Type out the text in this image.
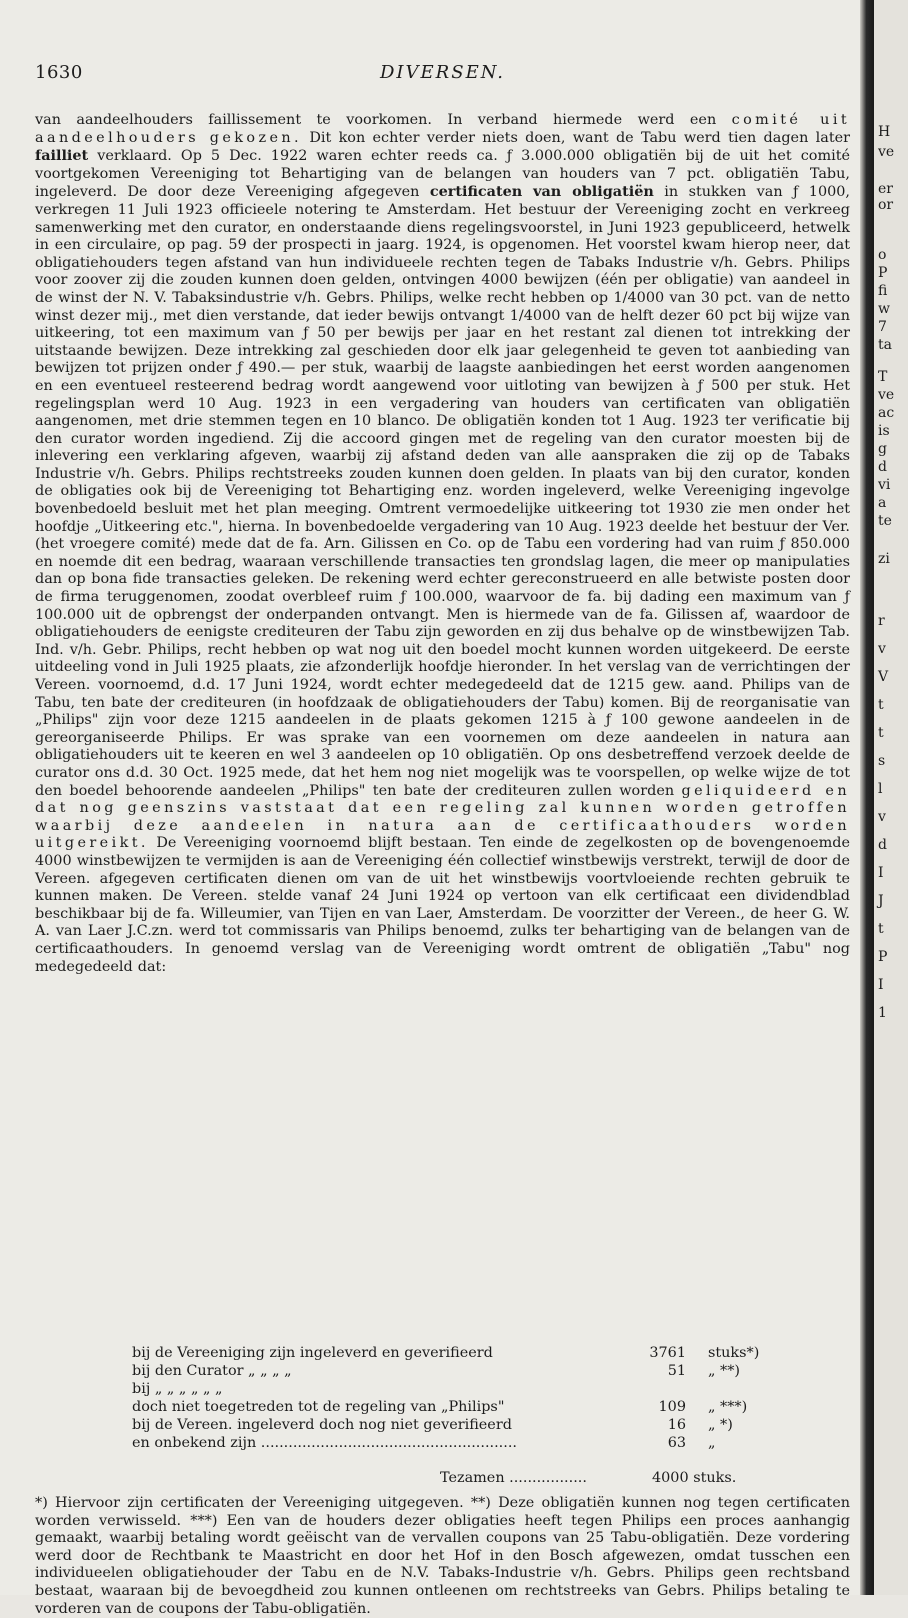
1630	DIVERSEN.

van aandeelhouders faillissement te voorkomen. In verband hiermede werd een comité uit aandeelhouders gekozen. Dit kon echter verder niets doen, want de Tabu werd tien dagen later failliet verklaard. Op 5 Dec. 1922 waren echter reeds ca. ƒ 3.000.000 obligatiën bij de uit het comité voortgekomen Vereeniging tot Behartiging van de belangen van houders van 7 pct. obligatiën Tabu, ingeleverd. De door deze Vereeniging afgegeven certificaten van obligatiën in stukken van ƒ 1000, verkregen 11 Juli 1923 officieele notering te Amsterdam. Het bestuur der Vereeniging zocht en verkreeg samenwerking met den curator, en onderstaande diens regelingsvoorstel, in Juni 1923 gepubliceerd, hetwelk in een circulaire, op pag. 59 der prospecti in jaarg. 1924, is opgenomen. Het voorstel kwam hierop neer, dat obligatiehouders tegen afstand van hun individueele rechten tegen de Tabaks Industrie v/h. Gebrs. Philips voor zoover zij die zouden kunnen doen gelden, ontvingen 4000 bewijzen (één per obligatie) van aandeel in de winst der N. V. Tabaksindustrie v/h. Gebrs. Philips, welke recht hebben op 1/4000 van 30 pct. van de netto winst dezer mij., met dien verstande, dat ieder bewijs ontvangt 1/4000 van de helft dezer 60 pct bij wijze van uitkeering, tot een maximum van ƒ 50 per bewijs per jaar en het restant zal dienen tot intrekking der uitstaande bewijzen. Deze intrekking zal geschieden door elk jaar gelegenheid te geven tot aanbieding van bewijzen tot prijzen onder ƒ 490.— per stuk, waarbij de laagste aanbiedingen het eerst worden aangenomen en een eventueel resteerend bedrag wordt aangewend voor uitloting van bewijzen à ƒ 500 per stuk. Het regelingsplan werd 10 Aug. 1923 in een vergadering van houders van certificaten van obligatiën aangenomen, met drie stemmen tegen en 10 blanco. De obligatiën konden tot 1 Aug. 1923 ter verificatie bij den curator worden ingediend. Zij die accoord gingen met de regeling van den curator moesten bij de inlevering een verklaring afgeven, waarbij zij afstand deden van alle aanspraken die zij op de Tabaks Industrie v/h. Gebrs. Philips rechtstreeks zouden kunnen doen gelden. In plaats van bij den curator, konden de obligaties ook bij de Vereeniging tot Behartiging enz. worden ingeleverd, welke Vereeniging ingevolge bovenbedoeld besluit met het plan meeging. Omtrent vermoedelijke uitkeering tot 1930 zie men onder het hoofdje „Uitkeering etc.", hierna. In bovenbedoelde vergadering van 10 Aug. 1923 deelde het bestuur der Ver. (het vroegere comité) mede dat de fa. Arn. Gilissen en Co. op de Tabu een vordering had van ruim ƒ 850.000 en noemde dit een bedrag, waaraan verschillende transacties ten grondslag lagen, die meer op manipulaties dan op bona fide transacties geleken. De rekening werd echter gereconstrueerd en alle betwiste posten door de firma teruggenomen, zoodat overbleef ruim ƒ 100.000, waarvoor de fa. bij dading een maximum van ƒ 100.000 uit de opbrengst der onderpanden ontvangt. Men is hiermede van de fa. Gilissen af, waardoor de obligatiehouders de eenigste crediteuren der Tabu zijn geworden en zij dus behalve op de winstbewijzen Tab. Ind. v/h. Gebr. Philips, recht hebben op wat nog uit den boedel mocht kunnen worden uitgekeerd. De eerste uitdeeling vond in Juli 1925 plaats, zie afzonderlijk hoofdje hieronder. In het verslag van de verrichtingen der Vereen. voornoemd, d.d. 17 Juni 1924, wordt echter medegedeeld dat de 1215 gew. aand. Philips van de Tabu, ten bate der crediteuren (in hoofdzaak de obligatiehouders der Tabu) komen. Bij de reorganisatie van „Philips" zijn voor deze 1215 aandeelen in de plaats gekomen 1215 à ƒ 100 gewone aandeelen in de gereorganiseerde Philips. Er was sprake van een voornemen om deze aandeelen in natura aan obligatiehouders uit te keeren en wel 3 aandeelen op 10 obligatiën. Op ons desbetreffend verzoek deelde de curator ons d.d. 30 Oct. 1925 mede, dat het hem nog niet mogelijk was te voorspellen, op welke wijze de tot den boedel behoorende aandeelen „Philips" ten bate der crediteuren zullen worden geliquideerd en dat nog geenszins vaststaat dat een regeling zal kunnen worden getroffen waarbij deze aandeelen in natura aan de certificaathouders worden uitgereikt. De Vereeniging voornoemd blijft bestaan. Ten einde de zegelkosten op de bovengenoemde 4000 winstbewijzen te vermijden is aan de Vereeniging één collectief winstbewijs verstrekt, terwijl de door de Vereen. afgegeven certificaten dienen om van de uit het winstbewijs voortvloeiende rechten gebruik te kunnen maken. De Vereen. stelde vanaf 24 Juni 1924 op vertoon van elk certificaat een dividendblad beschikbaar bij de fa. Willeumier, van Tijen en van Laer, Amsterdam. De voorzitter der Vereen., de heer G. W. A. van Laer J.C.zn. werd tot commissaris van Philips benoemd, zulks ter behartiging van de belangen van de certificaathouders. In genoemd verslag van de Vereeniging wordt omtrent de obligatiën „Tabu" nog medegedeeld dat:

bij de Vereeniging zijn ingeleverd en geverifieerd	3761 stuks*)
bij den Curator „ „ „ „	51 „ **)
bij „ „ „ „ „ „
doch niet toegetreden tot de regeling van „Philips"	109 „ ***)
bij de Vereen. ingeleverd doch nog niet geverifieerd	16 „ *)
en onbekend zijn ........................................................	63 „
Tezamen .................	4000 stuks.

*) Hiervoor zijn certificaten der Vereeniging uitgegeven. **) Deze obligatiën kunnen nog tegen certificaten worden verwisseld. ***) Een van de houders dezer obligaties heeft tegen Philips een proces aanhangig gemaakt, waarbij betaling wordt geëischt van de vervallen coupons van 25 Tabu-obligatiën. Deze vordering werd door de Rechtbank te Maastricht en door het Hof in den Bosch afgewezen, omdat tusschen een individueelen obligatiehouder der Tabu en de N.V. Tabaks-Industrie v/h. Gebrs. Philips geen rechtsband bestaat, waaraan bij de bevoegdheid zou kunnen ontleenen om rechtstreeks van Gebrs. Philips betaling te vorderen van de coupons der Tabu-obligatiën.

H
ve
er
or
o
P
fi
w
7
ta
T
ve
ac
is
g
d
vi
a
te
zi
r
v
V
t
t
s
l
v
d
I
J
t
P
I
1
